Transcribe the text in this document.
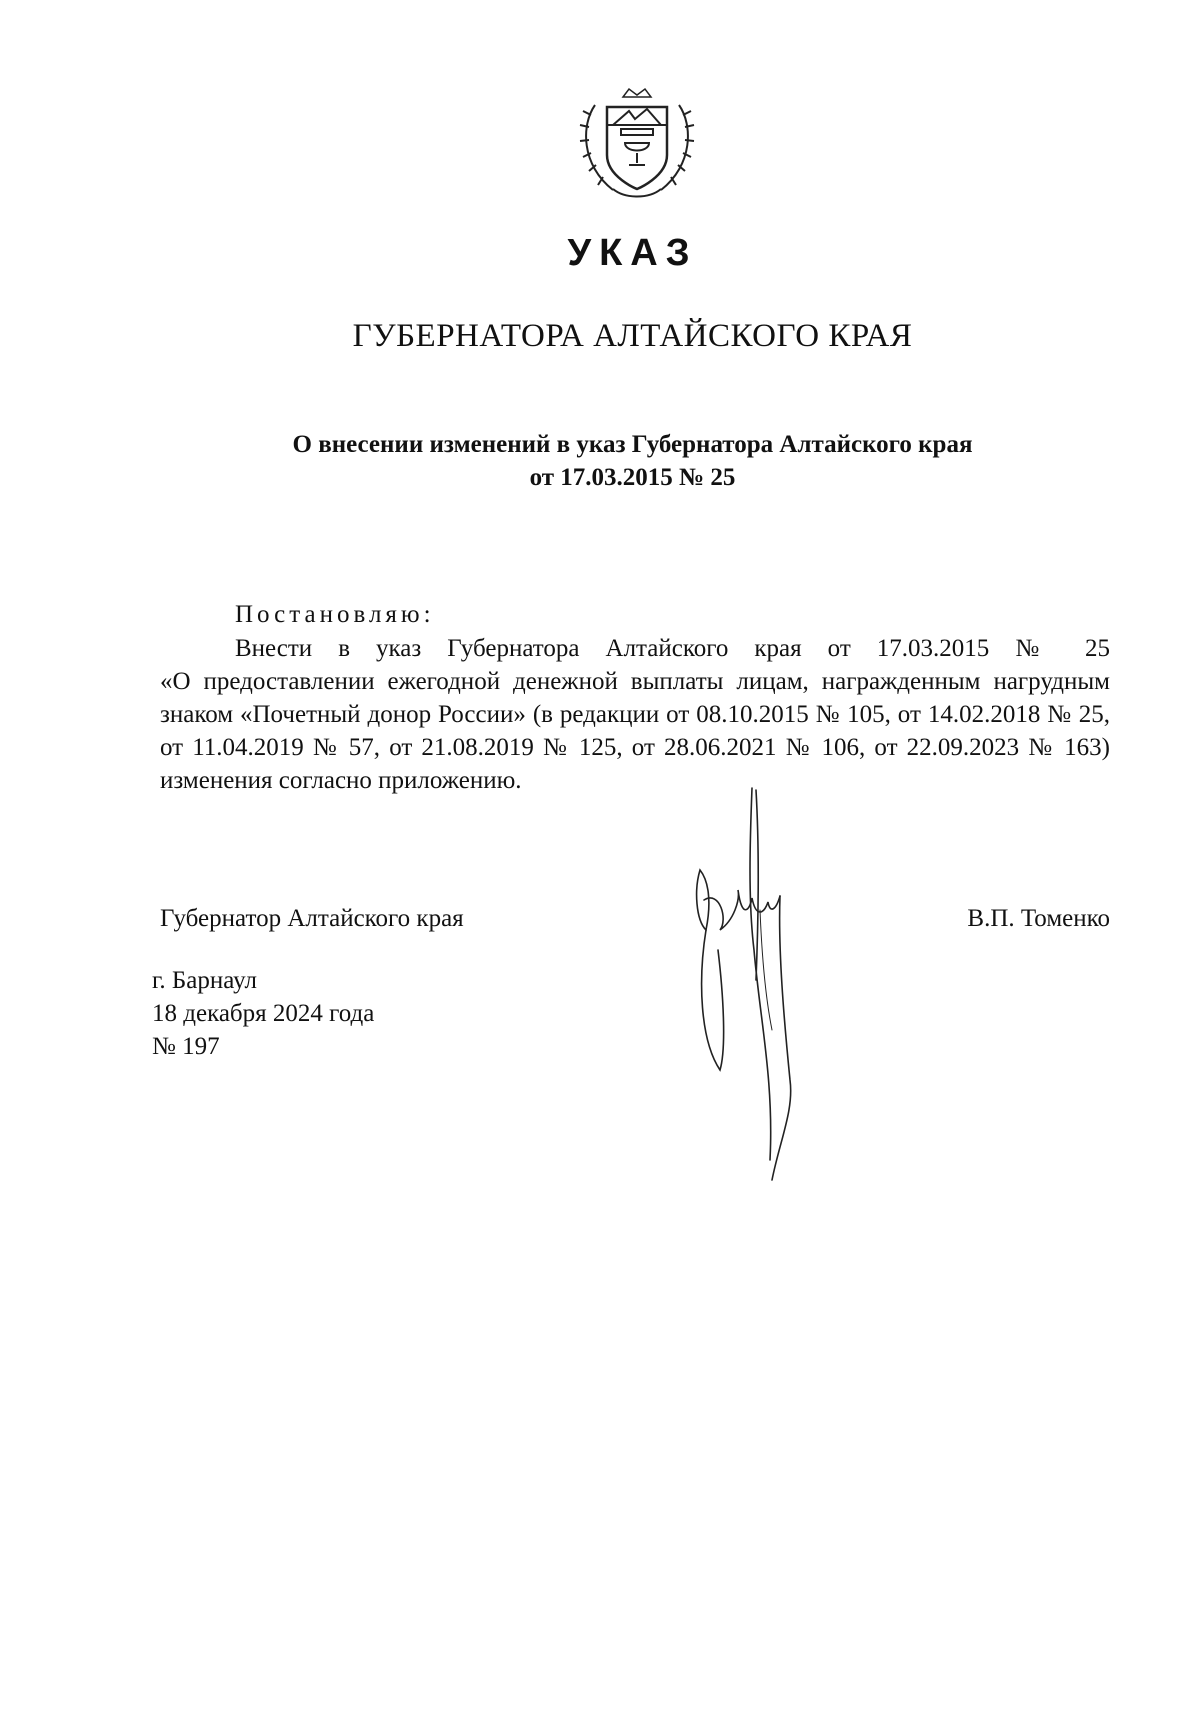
УКАЗ
ГУБЕРНАТОРА АЛТАЙСКОГО КРАЯ
О внесении изменений в указ Губернатора Алтайского края
от 17.03.2015 № 25
Постановляю:
Внести в указ Губернатора Алтайского края от 17.03.2015 № 25
«О предоставлении ежегодной денежной выплаты лицам, награжденным нагрудным знаком «Почетный донор России» (в редакции от 08.10.2015 № 105, от 14.02.2018 № 25, от 11.04.2019 № 57, от 21.08.2019 № 125, от 28.06.2021 № 106, от 22.09.2023 № 163) изменения согласно приложению.
Губернатор Алтайского края	В.П. Томенко
г. Барнаул
18 декабря 2024 года
№ 197
